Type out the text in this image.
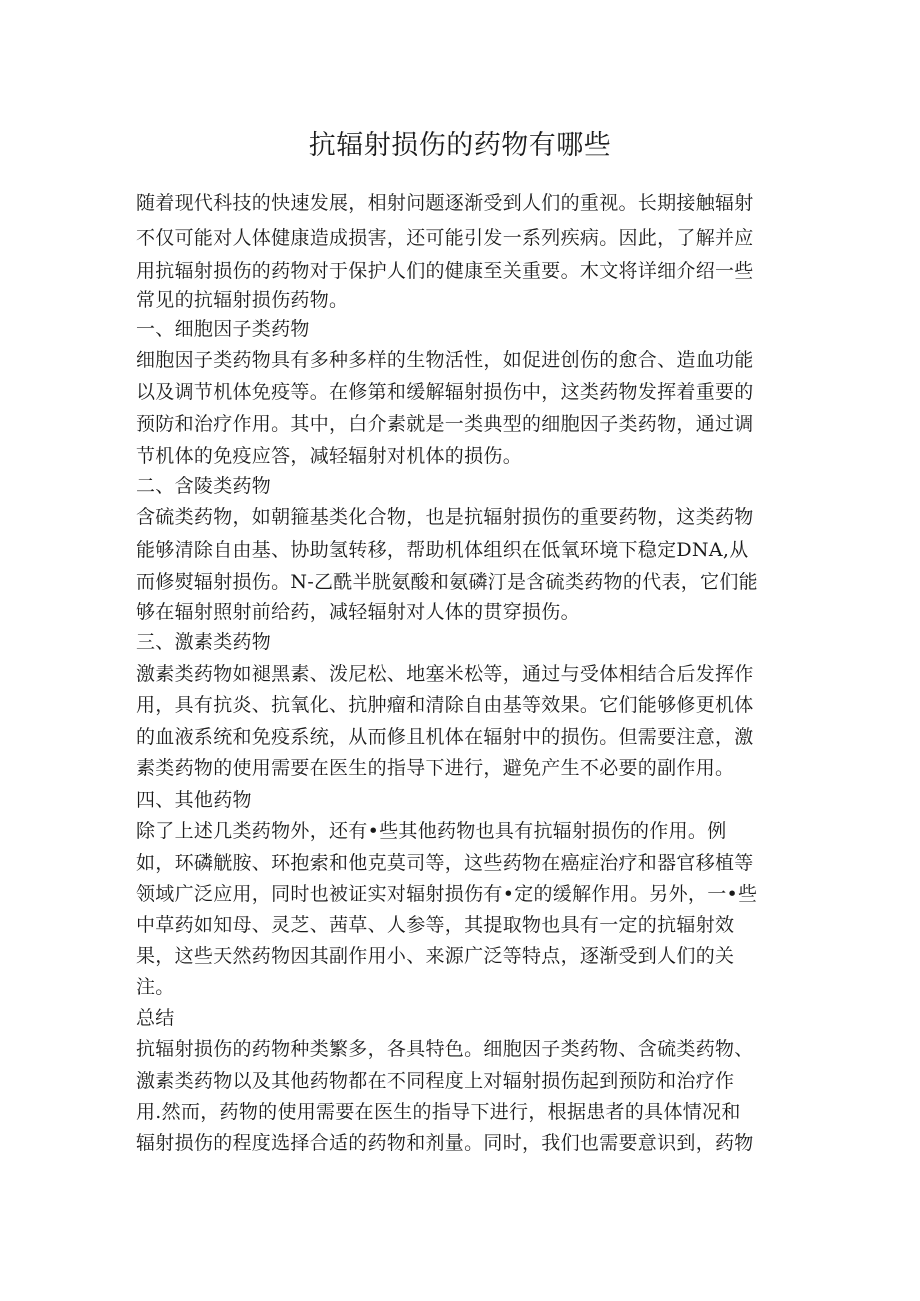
抗辐射损伤的药物有哪些
随着现代科技的快速发展，相射问题逐渐受到人们的重视。长期接触辐射
不仅可能对人体健康造成损害，还可能引发一系列疾病。因此，了解并应
用抗辐射损伤的药物对于保护人们的健康至关重要。木文将详细介绍一些
常见的抗辐射损伤药物。
一、细胞因子类药物
细胞因子类药物具有多种多样的生物活性，如促进创伤的愈合、造血功能
以及调节机体免疫等。在修第和缓解辐射损伤中，这类药物发挥着重要的
预防和治疗作用。其中，白介素就是一类典型的细胞因子类药物，通过调
节机体的免疫应答，减轻辐射对机体的损伤。
二、含陵类药物
含硫类药物，如朝箍基类化合物，也是抗辐射损伤的重要药物，这类药物
能够清除自由基、协助氢转移，帮助机体组织在低氧环境下稳定DNA,从
而修熨辐射损伤。N-乙酰半胱氨酸和氨磷汀是含硫类药物的代表，它们能
够在辐射照射前给药，减轻辐射对人体的贯穿损伤。
三、激素类药物
激素类药物如褪黑素、泼尼松、地塞米松等，通过与受体相结合后发挥作
用，具有抗炎、抗氧化、抗肿瘤和清除自由基等效果。它们能够修更机体
的血液系统和免疫系统，从而修且机体在辐射中的损伤。但需要注意，激
素类药物的使用需要在医生的指导下进行，避免产生不必要的副作用。
四、其他药物
除了上述几类药物外，还有•些其他药物也具有抗辐射损伤的作用。例
如，环磷觥胺、环抱索和他克莫司等，这些药物在癌症治疗和器官移植等
领域广泛应用，同时也被证实对辐射损伤有•定的缓解作用。另外，一•些
中草药如知母、灵芝、茜草、人参等，其提取物也具有一定的抗辐射效
果，这些天然药物因其副作用小、来源广泛等特点，逐渐受到人们的关
注。
总结
抗辐射损伤的药物种类繁多，各具特色。细胞因子类药物、含硫类药物、
激素类药物以及其他药物都在不同程度上对辐射损伤起到预防和治疗作
用.然而，药物的使用需要在医生的指导下进行，根据患者的具体情况和
辐射损伤的程度选择合适的药物和剂量。同时，我们也需要意识到，药物
